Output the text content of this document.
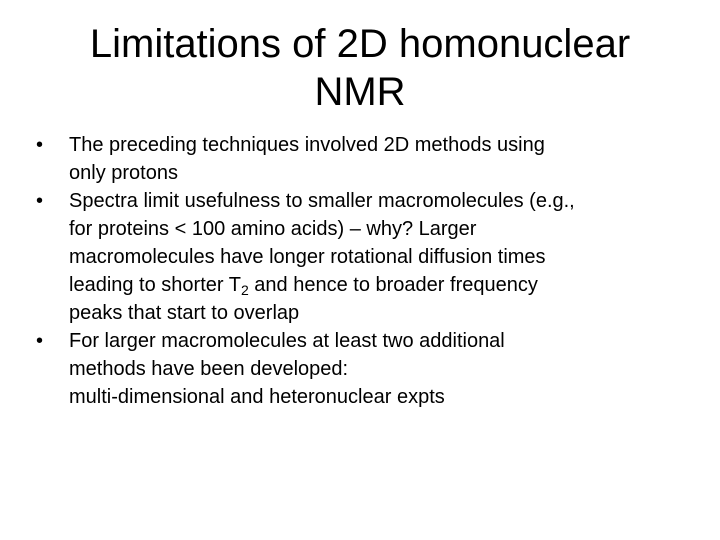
Limitations of 2D homonuclear
NMR
•	The preceding techniques involved 2D methods using
only protons
•	Spectra limit usefulness to smaller macromolecules (e.g.,
for proteins < 100 amino acids) – why? Larger
macromolecules have longer rotational diffusion times
leading to shorter $T_2$ and hence to broader frequency
peaks that start to overlap
•	For larger macromolecules at least two additional
methods have been developed:
multi-dimensional and heteronuclear expts
